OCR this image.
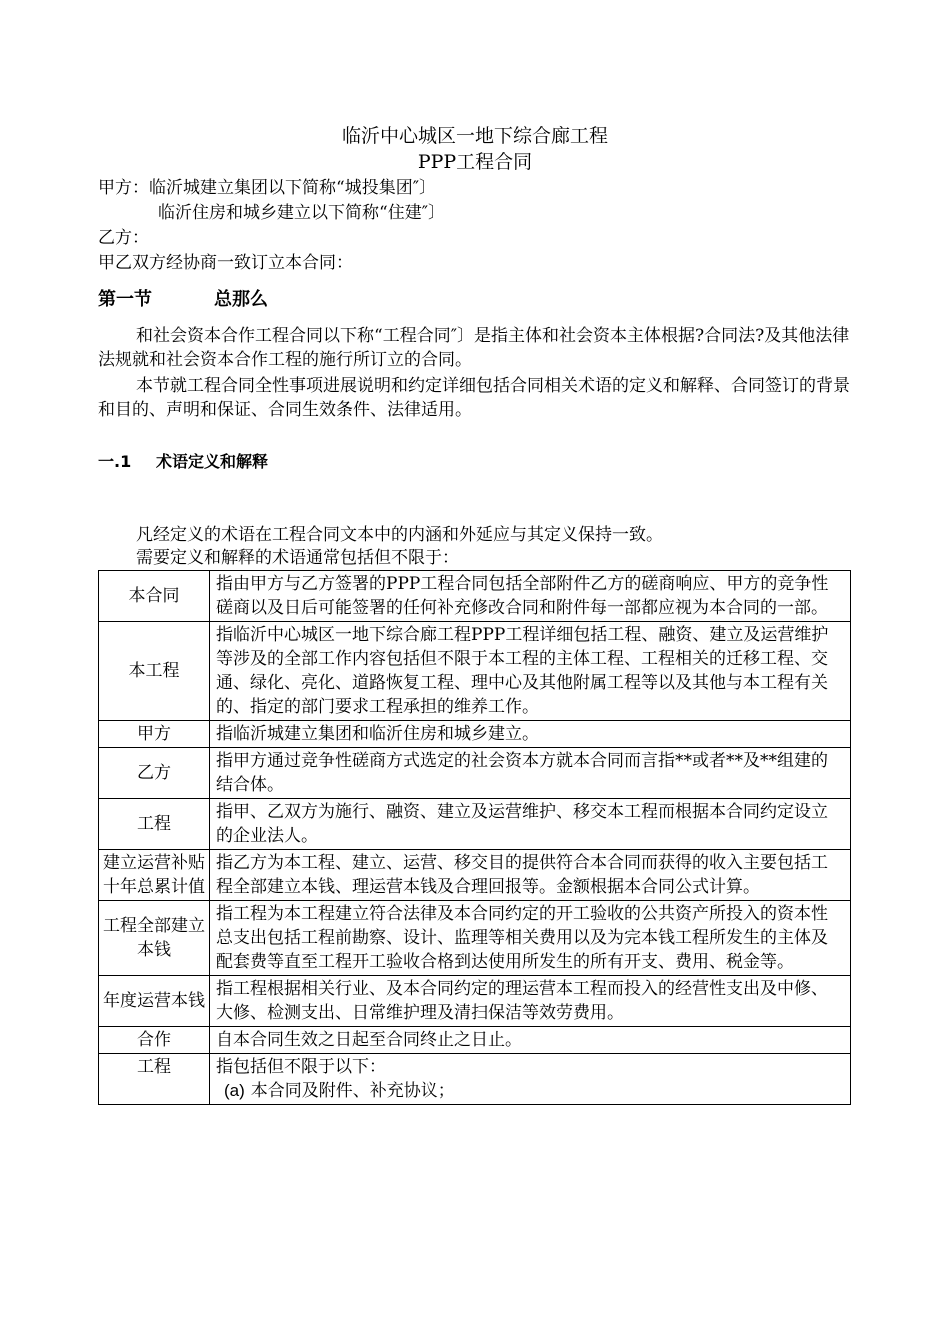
临沂中心城区一地下综合廊工程
PPP工程合同
甲方：临沂城建立集团以下简称“城投集团″〕
临沂住房和城乡建立以下简称“住建″〕
乙方：
甲乙双方经协商一致订立本合同：
第一节	总那么
和社会资本合作工程合同以下称“工程合同″〕是指主体和社会资本主体根据?合同法?及其他法律法规就和社会资本合作工程的施行所订立的合同。
本节就工程合同全性事项进展说明和约定详细包括合同相关术语的定义和解释、合同签订的背景和目的、声明和保证、合同生效条件、法律适用。
一.1 术语定义和解释
凡经定义的术语在工程合同文本中的内涵和外延应与其定义保持一致。
需要定义和解释的术语通常包括但不限于：
本合同	指由甲方与乙方签署的PPP工程合同包括全部附件乙方的磋商响应、甲方的竞争性磋商以及日后可能签署的任何补充修改合同和附件每一部都应视为本合同的一部。
本工程	指临沂中心城区一地下综合廊工程PPP工程详细包括工程、融资、建立及运营维护等涉及的全部工作内容包括但不限于本工程的主体工程、工程相关的迁移工程、交通、绿化、亮化、道路恢复工程、理中心及其他附属工程等以及其他与本工程有关的、指定的部门要求工程承担的维养工作。
甲方	指临沂城建立集团和临沂住房和城乡建立。
乙方	指甲方通过竞争性磋商方式选定的社会资本方就本合同而言指**或者**及**组建的结合体。
工程	指甲、乙双方为施行、融资、建立及运营维护、移交本工程而根据本合同约定设立的企业法人。
建立运营补贴十年总累计值	指乙方为本工程、建立、运营、移交目的提供符合本合同而获得的收入主要包括工程全部建立本钱、理运营本钱及合理回报等。金额根据本合同公式计算。
工程全部建立本钱	指工程为本工程建立符合法律及本合同约定的开工验收的公共资产所投入的资本性总支出包括工程前勘察、设计、监理等相关费用以及为完本钱工程所发生的主体及配套费等直至工程开工验收合格到达使用所发生的所有开支、费用、税金等。
年度运营本钱	指工程根据相关行业、及本合同约定的理运营本工程而投入的经营性支出及中修、大修、检测支出、日常维护理及清扫保洁等效劳费用。
合作	自本合同生效之日起至合同终止之日止。
工程	指包括但不限于以下：
(a) 本合同及附件、补充协议；
